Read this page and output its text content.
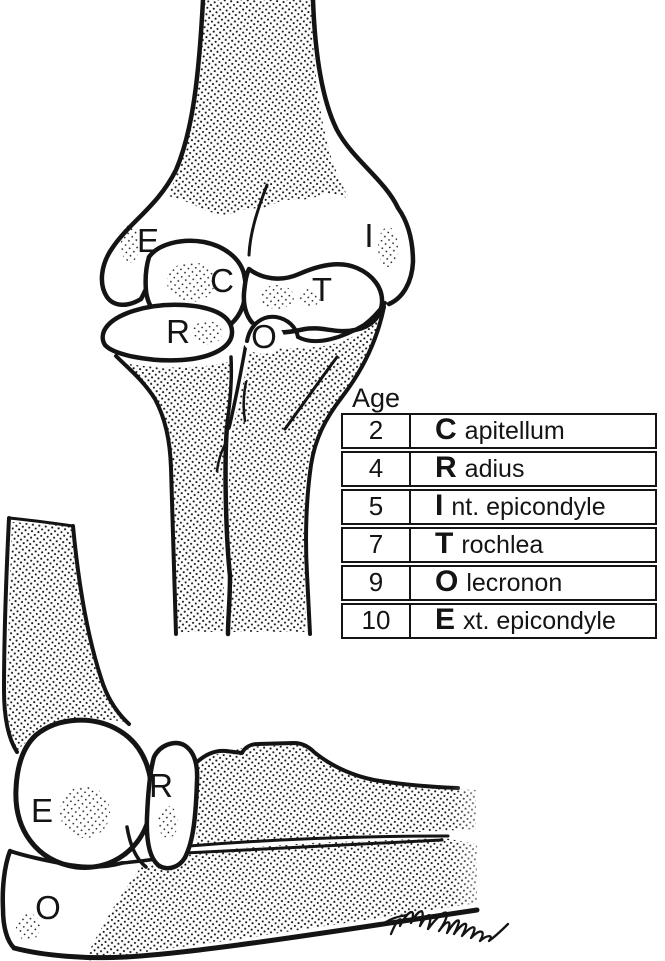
E	I
C T
R O
E
R
O
Age
2	C apitellum
4	R adius
5	I nt. epicondyle
7	T rochlea
9	O lecronon
10	E xt. epicondyle
